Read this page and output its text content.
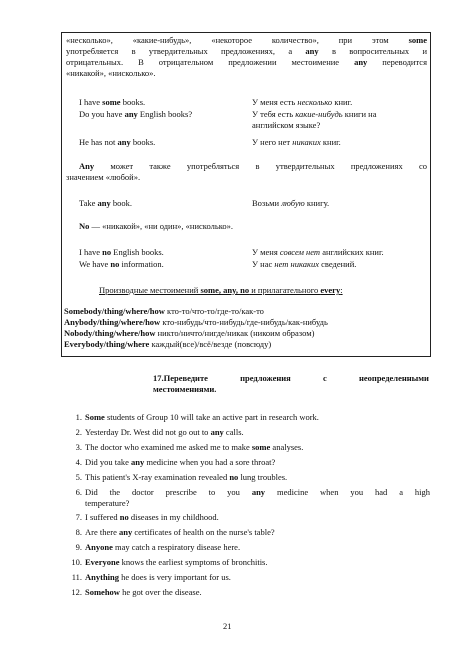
«несколько», «какие-нибудь», «некоторое количество», при этом some
употребляется в утвердительных предложениях, а any в вопросительных и
отрицательных. В отрицательном предложении местоимение any переводится
«никакой», «нисколько».
I have some books.	У меня есть несколько книг.
Do you have any English books?	У тебя есть какие-нибудь книги на
английском языке?
He has not any books.	У него нет никаких книг.
Any может также употребляться в утвердительных предложениях со
значением «любой».
Take any book.	Возьми любую книгу.
No — «никакой», «ни один», «нисколько».
I have no English books.	У меня совсем нет английских книг.
We have no information.	У нас нет никаких сведений.
Производные местоимений some, any, no и прилагательного every:
Somebody/thing/where/how кто-то/что-то/где-то/как-то
Anybody/thing/where/how кто-нибудь/что-нибудь/где-нибудь/как-нибудь
Nobody/thing/where/how никто/ничто/нигде/никак (никоим образом)
Everybody/thing/where каждый(все)/всё/везде (повсюду)
17.Переведите	предложения	с	неопределенными
местоимениями.
1. Some students of Group 10 will take an active part in research work.
2. Yesterday Dr. West did not go out to any calls.
3. The doctor who examined me asked me to make some analyses.
4. Did you take any medicine when you had a sore throat?
5. This patient's X-ray examination revealed no lung troubles.
6. Did the doctor prescribe to you any medicine when you had a high
temperature?
7. I suffered no diseases in my childhood.
8. Are there any certificates of health on the nurse's table?
9. Anyone may catch a respiratory disease here.
10. Everyone knows the earliest symptoms of bronchitis.
11. Anything he does is very important for us.
12. Somehow he got over the disease.
21
